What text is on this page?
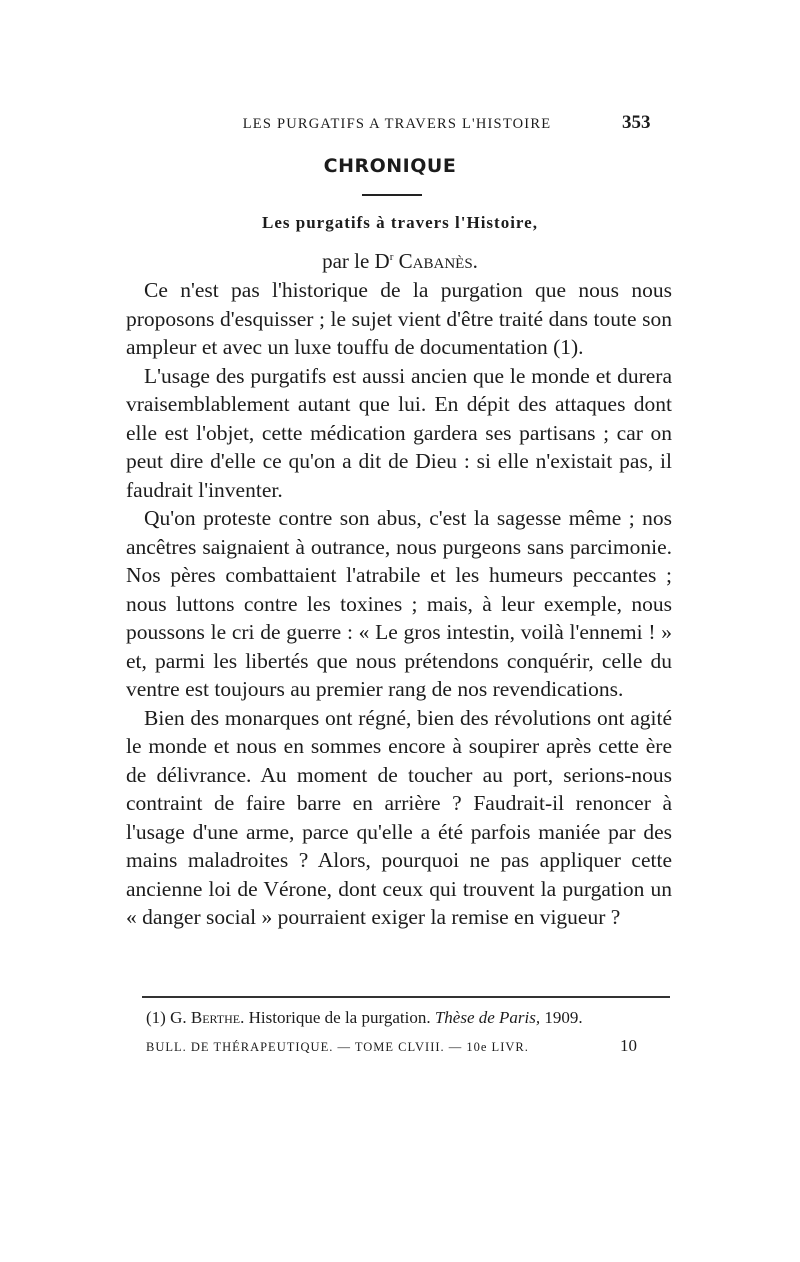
LES PURGATIFS A TRAVERS L'HISTOIRE	353
CHRONIQUE
Les purgatifs à travers l'Histoire,
par le $D^r$ Cabanès.

Ce n'est pas l'historique de la purgation que nous nous proposons d'esquisser ; le sujet vient d'être traité dans toute son ampleur et avec un luxe touffu de documentation (1).

L'usage des purgatifs est aussi ancien que le monde et durera vraisemblablement autant que lui. En dépit des attaques dont elle est l'objet, cette médication gardera ses partisans ; car on peut dire d'elle ce qu'on a dit de Dieu : si elle n'existait pas, il faudrait l'inventer.

Qu'on proteste contre son abus, c'est la sagesse même ; nos ancêtres saignaient à outrance, nous purgeons sans parcimonie. Nos pères combattaient l'atrabile et les humeurs peccantes ; nous luttons contre les toxines ; mais, à leur exemple, nous poussons le cri de guerre : « Le gros intestin, voilà l'ennemi ! » et, parmi les libertés que nous prétendons conquérir, celle du ventre est toujours au premier rang de nos revendications.

Bien des monarques ont régné, bien des révolutions ont agité le monde et nous en sommes encore à soupirer après cette ère de délivrance. Au moment de toucher au port, serions-nous contraint de faire barre en arrière ? Faudrait-il renoncer à l'usage d'une arme, parce qu'elle a été parfois maniée par des mains maladroites ? Alors, pourquoi ne pas appliquer cette ancienne loi de Vérone, dont ceux qui trouvent la purgation un « danger social » pourraient exiger la remise en vigueur ?

(1) G. Berthe. Historique de la purgation. Thèse de Paris, 1909.
BULL. DE THÉRAPEUTIQUE. — TOME CLVIII. — 10e LIVR.	10
